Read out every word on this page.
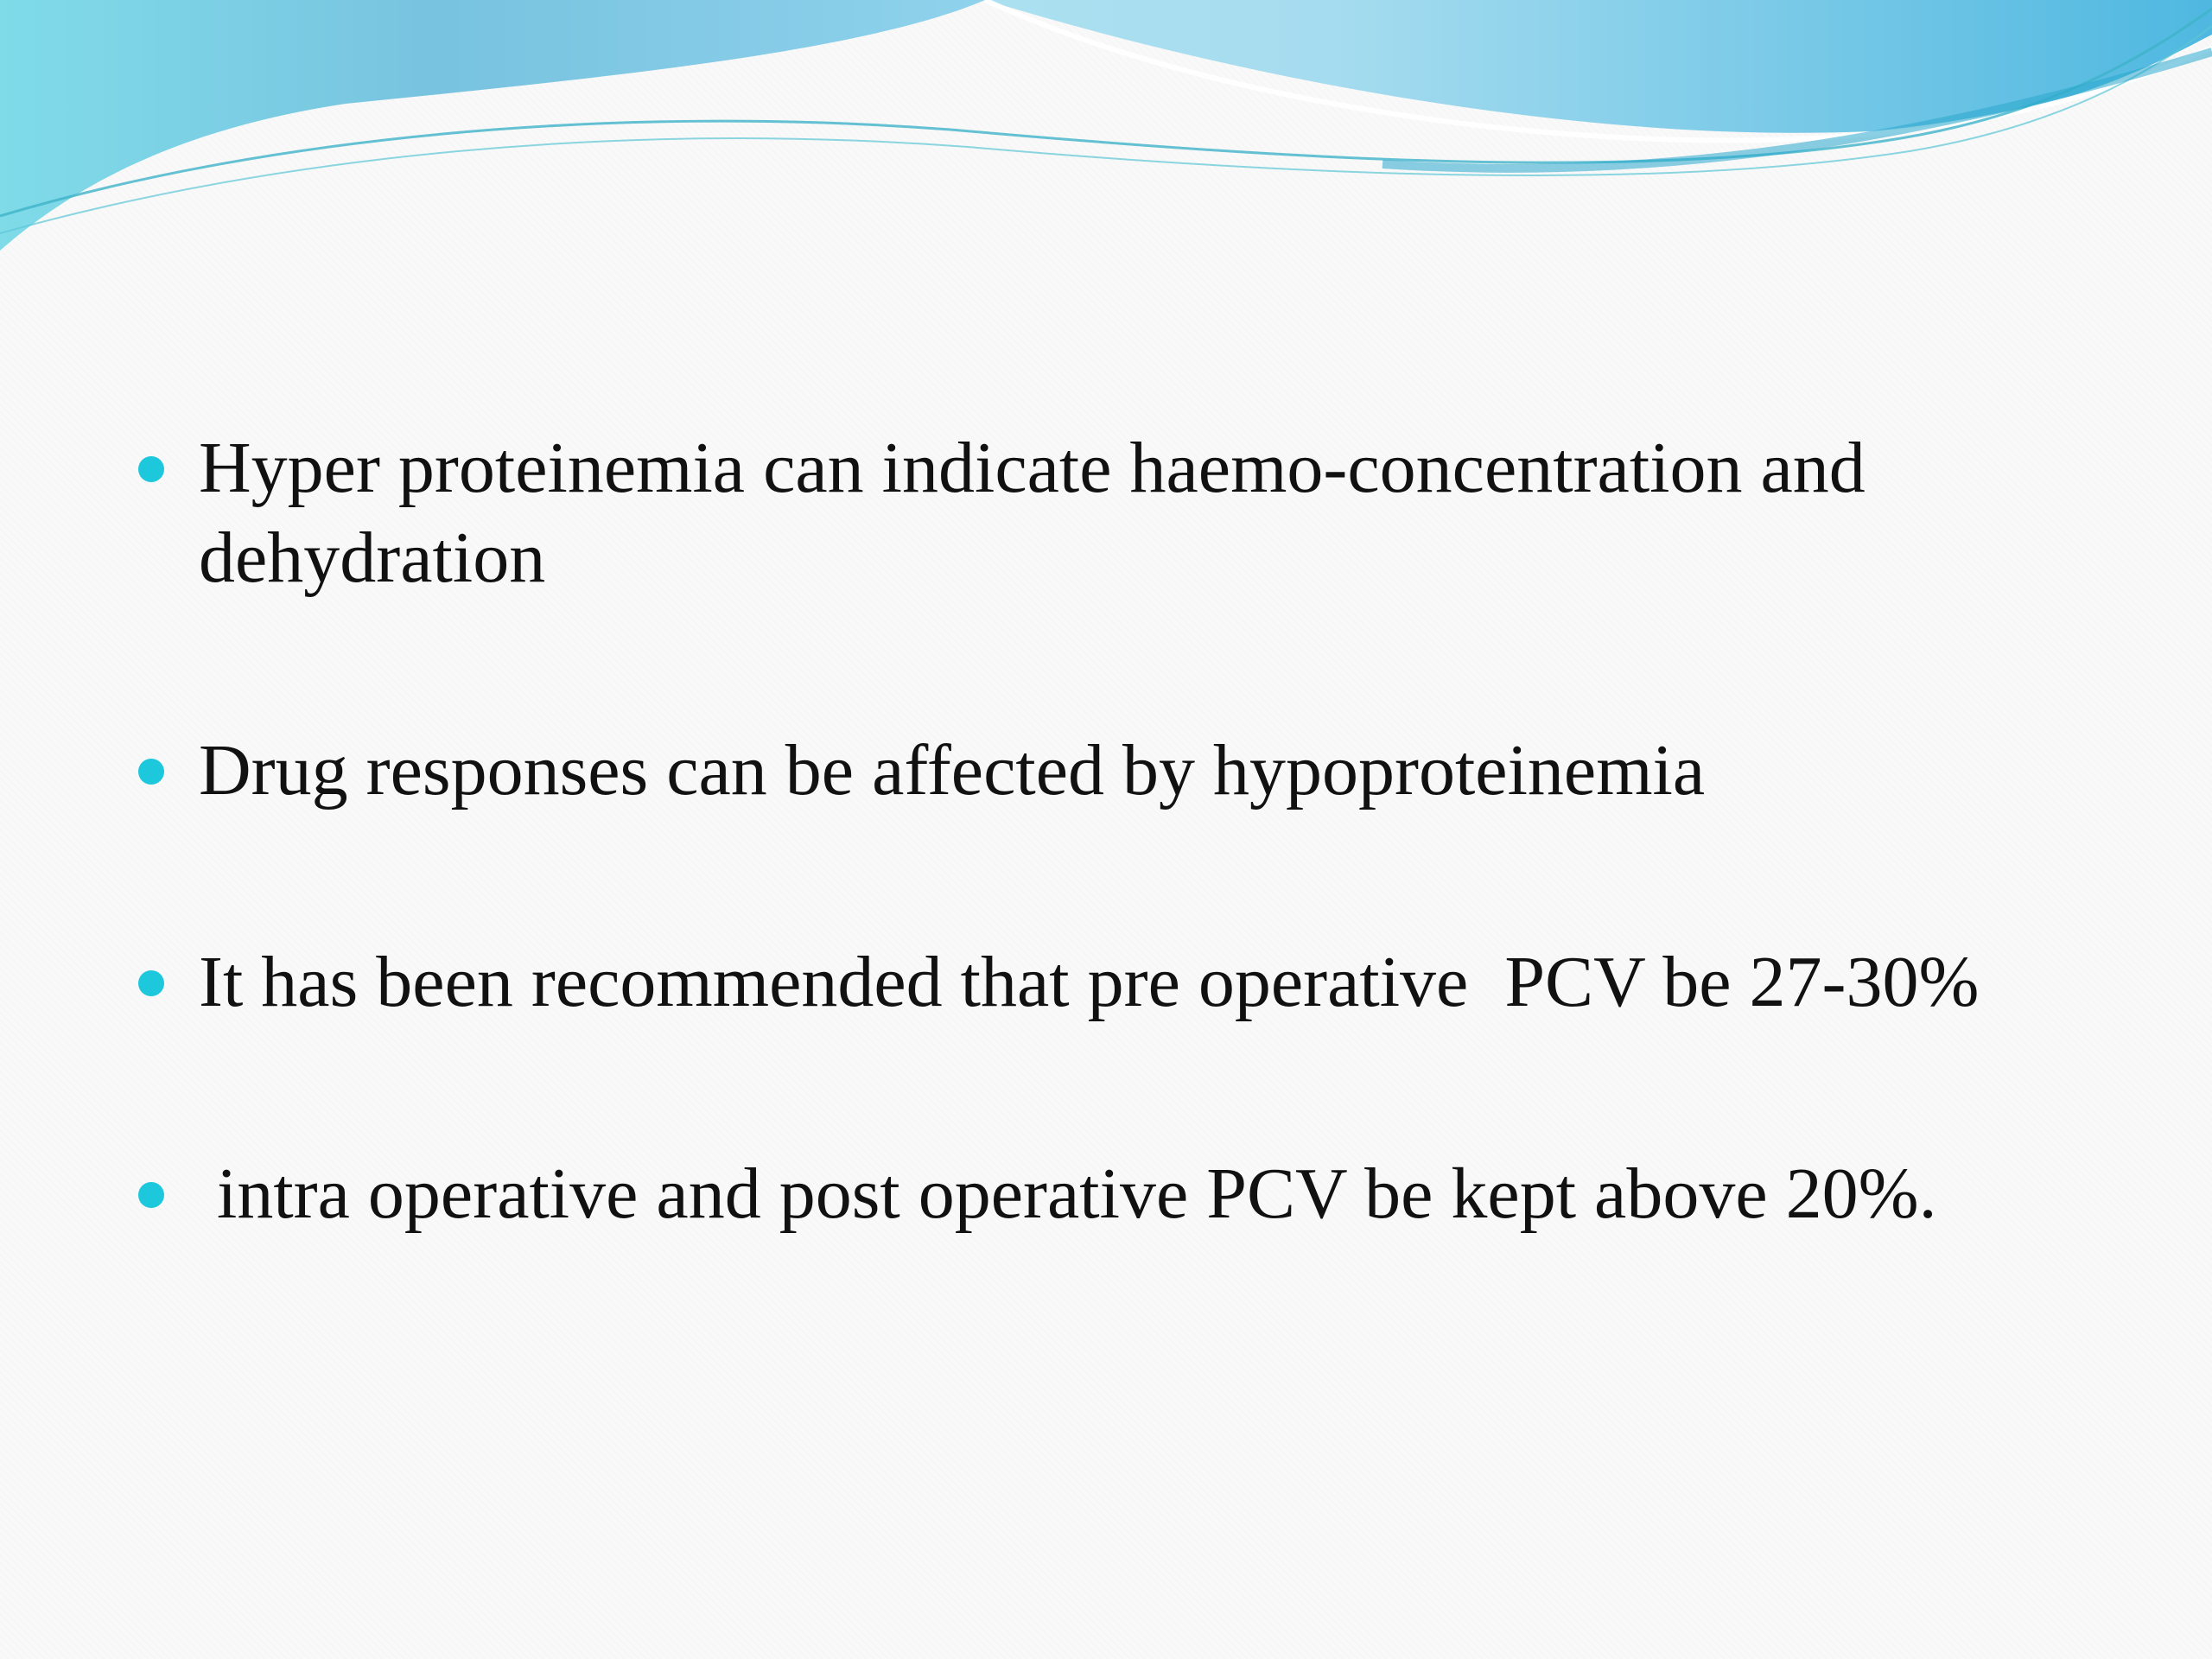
Hyper proteinemia can indicate haemo-concentration and dehydration
Drug responses can be affected by hypoproteinemia
It has been recommended that pre operative  PCV be 27-30%
intra operative and post operative PCV be kept above 20%.
